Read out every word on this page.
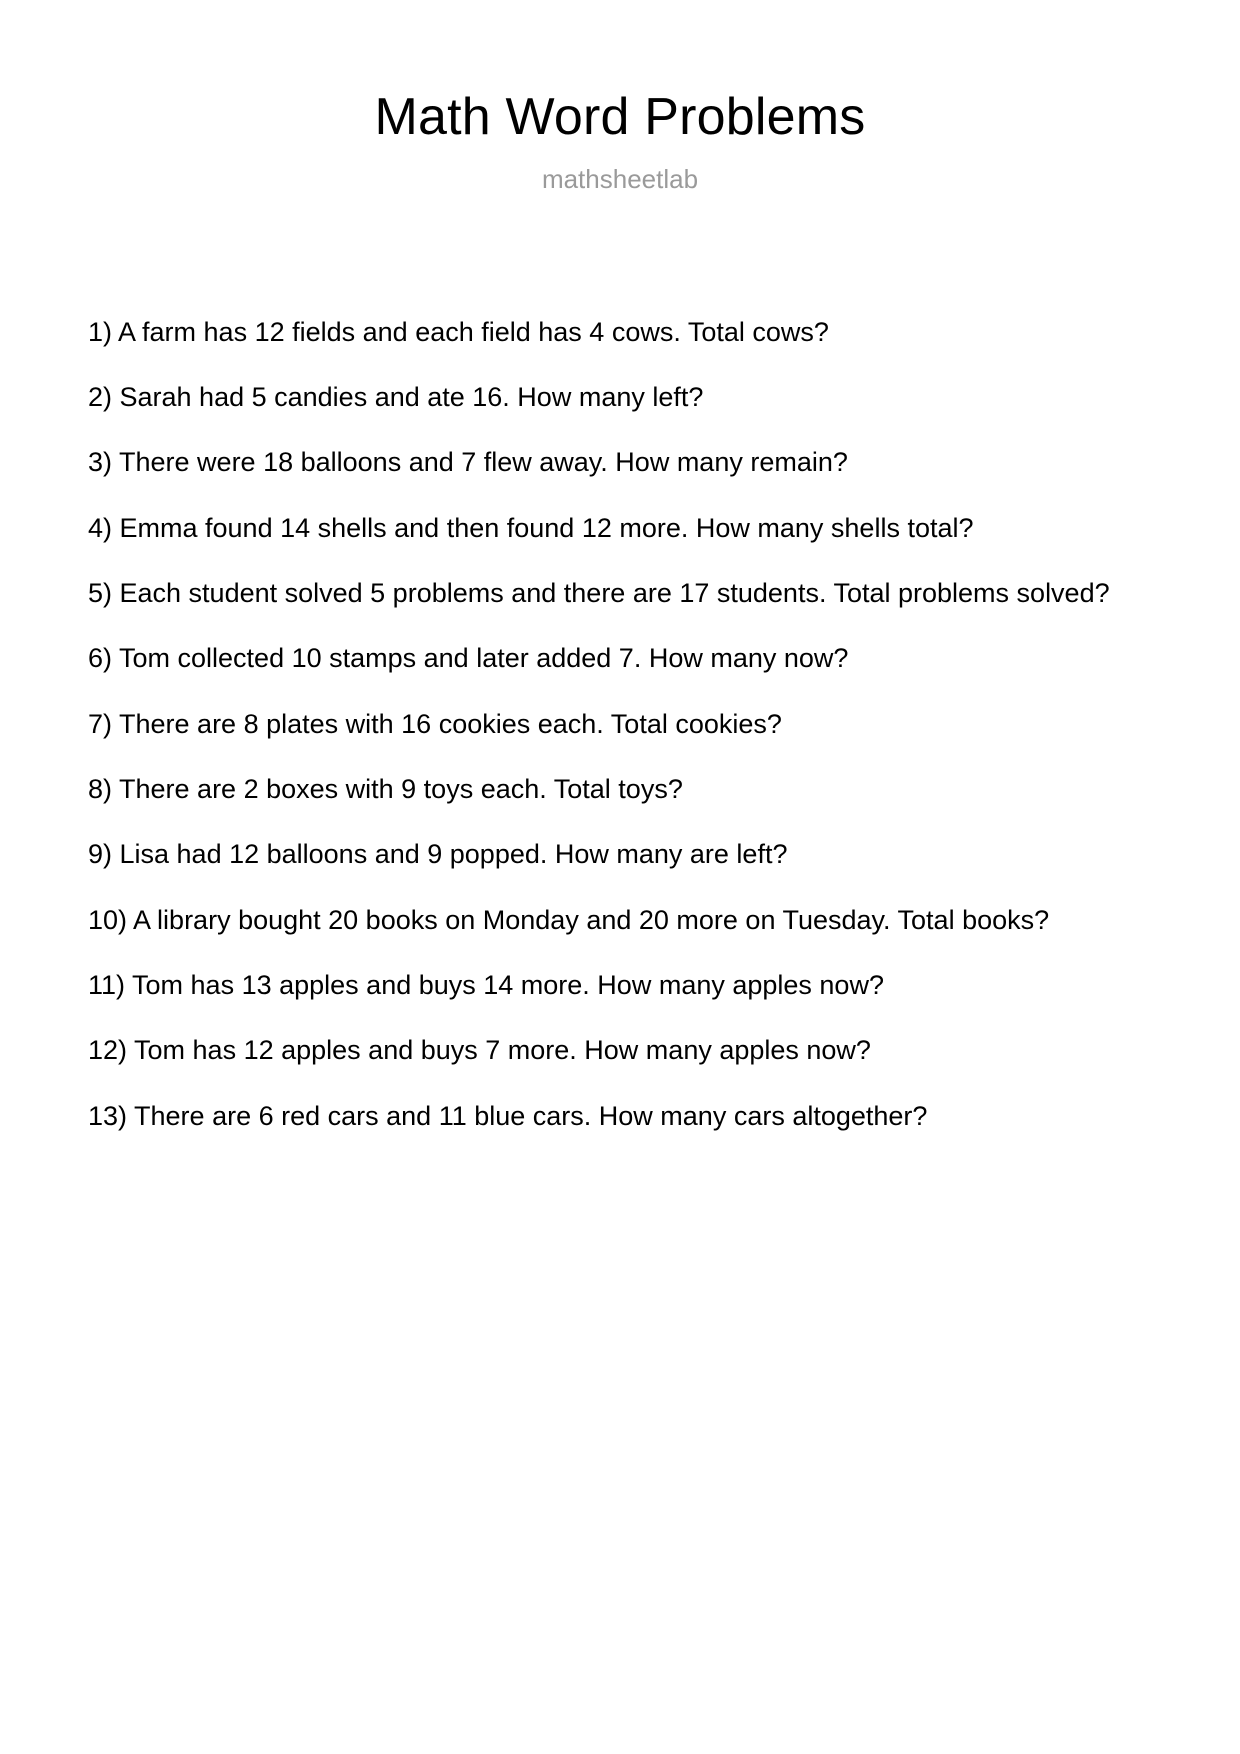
Math Word Problems
mathsheetlab
1) A farm has 12 fields and each field has 4 cows. Total cows?
2) Sarah had 5 candies and ate 16. How many left?
3) There were 18 balloons and 7 flew away. How many remain?
4) Emma found 14 shells and then found 12 more. How many shells total?
5) Each student solved 5 problems and there are 17 students. Total problems solved?
6) Tom collected 10 stamps and later added 7. How many now?
7) There are 8 plates with 16 cookies each. Total cookies?
8) There are 2 boxes with 9 toys each. Total toys?
9) Lisa had 12 balloons and 9 popped. How many are left?
10) A library bought 20 books on Monday and 20 more on Tuesday. Total books?
11) Tom has 13 apples and buys 14 more. How many apples now?
12) Tom has 12 apples and buys 7 more. How many apples now?
13) There are 6 red cars and 11 blue cars. How many cars altogether?
